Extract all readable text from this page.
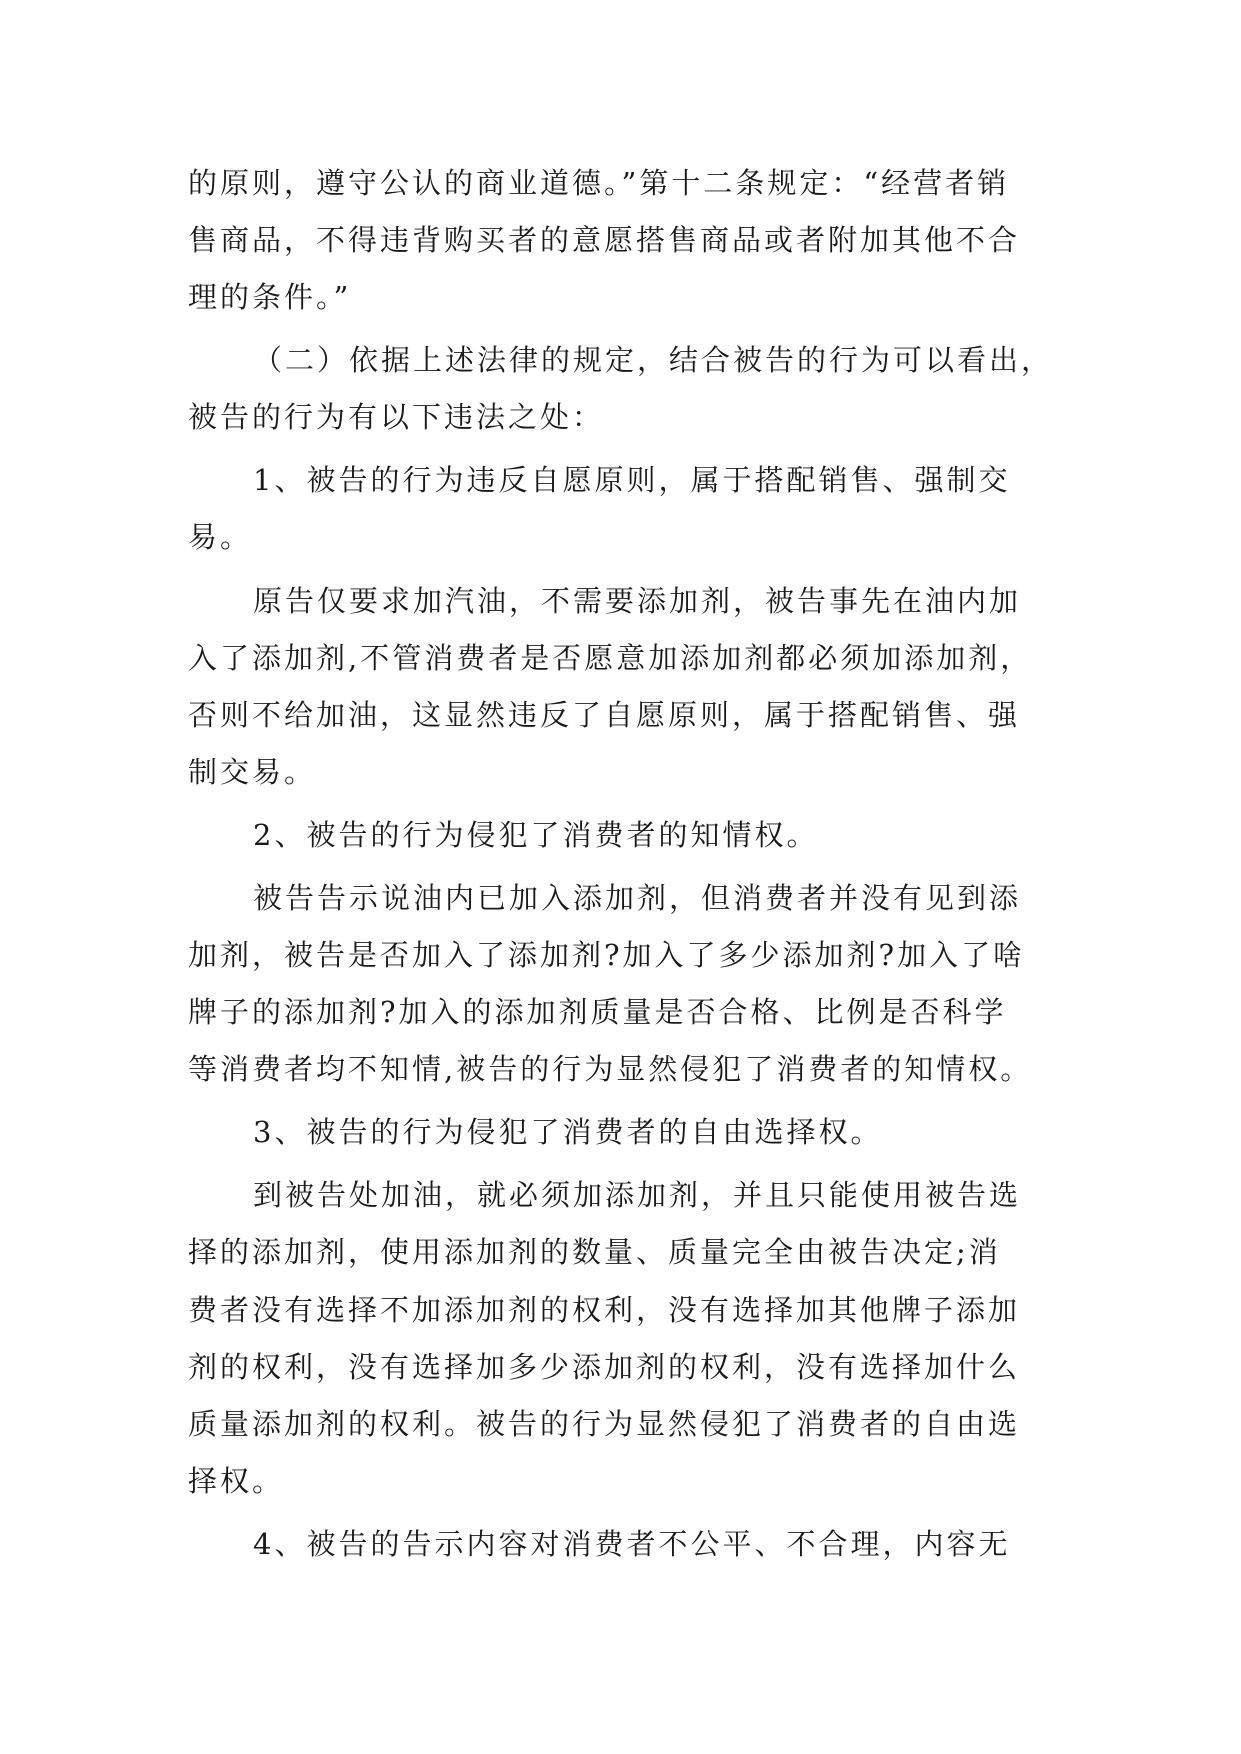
的原则，遵守公认的商业道德。”第十二条规定：“经营者销
售商品，不得违背购买者的意愿搭售商品或者附加其他不合
理的条件。”
（二）依据上述法律的规定，结合被告的行为可以看出，
被告的行为有以下违法之处：
1、被告的行为违反自愿原则，属于搭配销售、强制交
易。
原告仅要求加汽油，不需要添加剂，被告事先在油内加
入了添加剂,不管消费者是否愿意加添加剂都必须加添加剂，
否则不给加油，这显然违反了自愿原则，属于搭配销售、强
制交易。
2、被告的行为侵犯了消费者的知情权。
被告告示说油内已加入添加剂，但消费者并没有见到添
加剂，被告是否加入了添加剂?加入了多少添加剂?加入了啥
牌子的添加剂?加入的添加剂质量是否合格、比例是否科学
等消费者均不知情,被告的行为显然侵犯了消费者的知情权。
3、被告的行为侵犯了消费者的自由选择权。
到被告处加油，就必须加添加剂，并且只能使用被告选
择的添加剂，使用添加剂的数量、质量完全由被告决定;消
费者没有选择不加添加剂的权利，没有选择加其他牌子添加
剂的权利，没有选择加多少添加剂的权利，没有选择加什么
质量添加剂的权利。被告的行为显然侵犯了消费者的自由选
择权。
4、被告的告示内容对消费者不公平、不合理，内容无
